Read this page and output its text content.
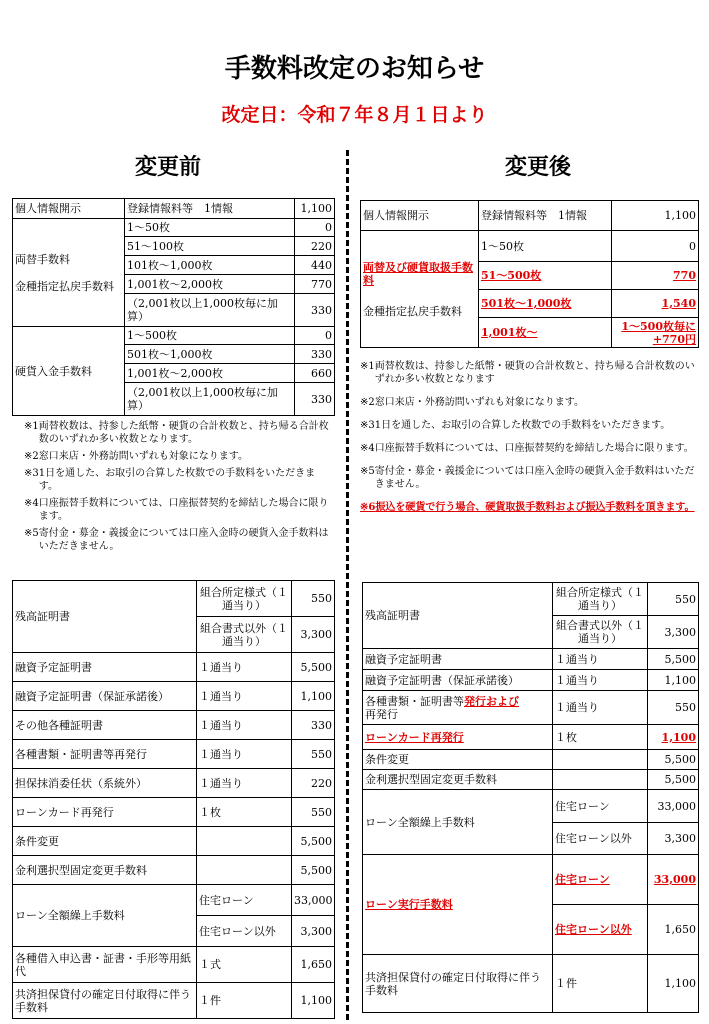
手数料改定のお知らせ
改定日：令和７年８月１日より
変更前	変更後
個人情報開示	登録情報料等　1情報	1,100

両替手数料
金種指定払戻手数料	1～50枚	0
	51～100枚	220
	101枚～1,000枚	440
	1,001枚～2,000枚	770
	（2,001枚以上1,000枚毎に加算）	330
硬貨入金手数料	1～500枚	0
	501枚～1,000枚	330
	1,001枚～2,000枚	660
	（2,001枚以上1,000枚毎に加算）	330
※1 両替枚数は、持参した紙幣・硬貨の合計枚数と、持ち帰る合計枚数のいずれか多い枚数となります。
※2 窓口来店・外務訪問いずれも対象になります。
※3 1日を通した、お取引の合算した枚数での手数料をいただきます。
※4 口座振替手数料については、口座振替契約を締結した場合に限ります。
※5 寄付金・募金・義援金については口座入金時の硬貨入金手数料はいただきません。
残高証明書	組合所定様式（１通当り）	550
	組合書式以外（１通当り）	3,300
融資予定証明書	１通当り	5,500
融資予定証明書（保証承諾後）	１通当り	1,100
その他各種証明書	１通当り	330
各種書類・証明書等再発行	１通当り	550
担保抹消委任状（系統外）	１通当り	220
ローンカード再発行	１枚	550
条件変更		5,500
金利選択型固定変更手数料		5,500
ローン全額繰上手数料	住宅ローン	33,000
	住宅ローン以外	3,300
各種借入申込書・証書・手形等用紙代	１式	1,650
共済担保貸付の確定日付取得に伴う手数料	１件	1,100
個人情報開示	登録情報料等　1情報	1,100

両替及び硬貨取扱手数料
金種指定払戻手数料	1～50枚	0
	51～500枚	770
	501枚～1,000枚	1,540
	1,001枚～	1～500枚毎に+770円
※1 両替枚数は、持参した紙幣・硬貨の合計枚数と、持ち帰る合計枚数のいずれか多い枚数となります
※2 窓口来店・外務訪問いずれも対象になります。
※3 1日を通した、お取引の合算した枚数での手数料をいただきます。
※4 口座振替手数料については、口座振替契約を締結した場合に限ります。
※5 寄付金・募金・義援金については口座入金時の硬貨入金手数料はいただきません。
※6 振込を硬貨で行う場合、硬貨取扱手数料および振込手数料を頂きます。
残高証明書	組合所定様式（１通当り）	550
	組合書式以外（１通当り）	3,300
融資予定証明書	１通当り	5,500
融資予定証明書（保証承諾後）	１通当り	1,100
各種書類・証明書等発行および
再発行	１通当り	550
ローンカード再発行	１枚	1,100
条件変更		5,500
金利選択型固定変更手数料		5,500
ローン全額繰上手数料	住宅ローン	33,000
	住宅ローン以外	3,300
ローン実行手数料	住宅ローン	33,000
	住宅ローン以外	1,650
共済担保貸付の確定日付取得に伴う手数料	１件	1,100
